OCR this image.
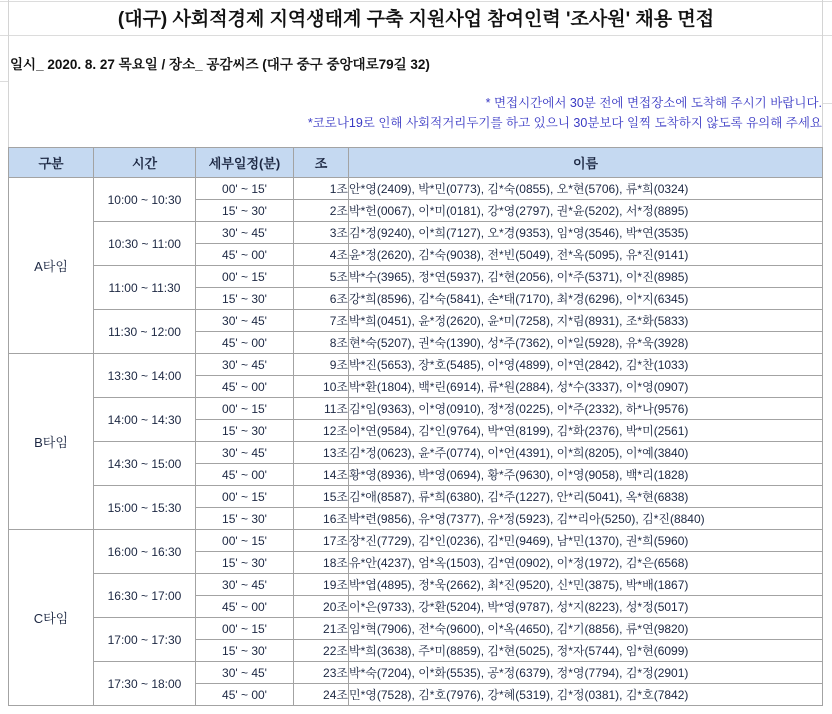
(대구) 사회적경제 지역생태계 구축 지원사업 참여인력 '조사원' 채용 면접
일시_ 2020. 8. 27 목요일 / 장소_ 공감씨즈 (대구 중구 중앙대로79길 32)
* 면접시간에서 30분 전에 면접장소에 도착해 주시기 바랍니다.
*코로나19로 인해 사회적거리두기를 하고 있으니 30분보다 일찍 도착하지 않도록 유의해 주세요
구분	시간	세부일정(분)	조	이름
A타임	10:00 ~ 10:30	00' ~ 15'	1조	안*영(2409), 박*민(0773), 김*숙(0855), 오*현(5706), 류*희(0324)
		15' ~ 30'	2조	박*헌(0067), 이*미(0181), 강*영(2797), 권*윤(5202), 서*정(8895)
	10:30 ~ 11:00	30' ~ 45'	3조	김*정(9240), 이*희(7127), 오*경(9353), 임*영(3546), 박*연(3535)
		45' ~ 00'	4조	윤*정(2620), 김*숙(9038), 전*빈(5049), 전*옥(5095), 유*진(9141)
	11:00 ~ 11:30	00' ~ 15'	5조	박*수(3965), 정*연(5937), 김*현(2056), 이*주(5371), 이*진(8985)
		15' ~ 30'	6조	강*희(8596), 김*숙(5841), 손*태(7170), 최*경(6296), 이*지(6345)
	11:30 ~ 12:00	30' ~ 45'	7조	박*희(0451), 윤*정(2620), 윤*미(7258), 지*림(8931), 조*화(5833)
		45' ~ 00'	8조	현*숙(5207), 권*숙(1390), 성*주(7362), 이*일(5928), 유*욱(3928)
B타임	13:30 ~ 14:00	30' ~ 45'	9조	박*진(5653), 장*호(5485), 이*영(4899), 이*연(2842), 김*찬(1033)
		45' ~ 00'	10조	박*환(1804), 백*린(6914), 류*원(2884), 성*수(3337), 이*영(0907)
	14:00 ~ 14:30	00' ~ 15'	11조	김*임(9363), 이*영(0910), 정*정(0225), 이*주(2332), 하*나(9576)
		15' ~ 30'	12조	이*연(9584), 김*인(9764), 박*연(8199), 김*화(2376), 박*미(2561)
	14:30 ~ 15:00	30' ~ 45'	13조	김*정(0623), 윤*주(0774), 이*언(4391), 이*희(8205), 이*예(3840)
		45' ~ 00'	14조	황*영(8936), 박*영(0694), 황*주(9630), 이*영(9058), 백*리(1828)
	15:00 ~ 15:30	00' ~ 15'	15조	김*애(8587), 류*희(6380), 김*주(1227), 안*리(5041), 옥*현(6838)
		15' ~ 30'	16조	박*련(9856), 유*영(7377), 유*정(5923), 김**리아(5250), 김*진(8840)
C타임	16:00 ~ 16:30	00' ~ 15'	17조	장*진(7729), 김*인(0236), 김*민(9469), 남*민(1370), 권*희(5960)
		15' ~ 30'	18조	유*안(4237), 엄*옥(1503), 김*연(0902), 이*정(1972), 김*은(6568)
	16:30 ~ 17:00	30' ~ 45'	19조	박*엽(4895), 정*욱(2662), 최*진(9520), 신*민(3875), 박*배(1867)
		45' ~ 00'	20조	이*은(9733), 강*환(5204), 박*영(9787), 성*지(8223), 성*정(5017)
	17:00 ~ 17:30	00' ~ 15'	21조	임*혁(7906), 전*숙(9600), 이*옥(4650), 김*기(8856), 류*연(9820)
		15' ~ 30'	22조	박*희(3638), 주*미(8859), 김*현(5025), 정*자(5744), 임*현(6099)
	17:30 ~ 18:00	30' ~ 45'	23조	박*숙(7204), 이*화(5535), 공*정(6379), 정*영(7794), 김*정(2901)
		45' ~ 00'	24조	민*영(7528), 김*호(7976), 강*혜(5319), 김*정(0381), 김*호(7842)
